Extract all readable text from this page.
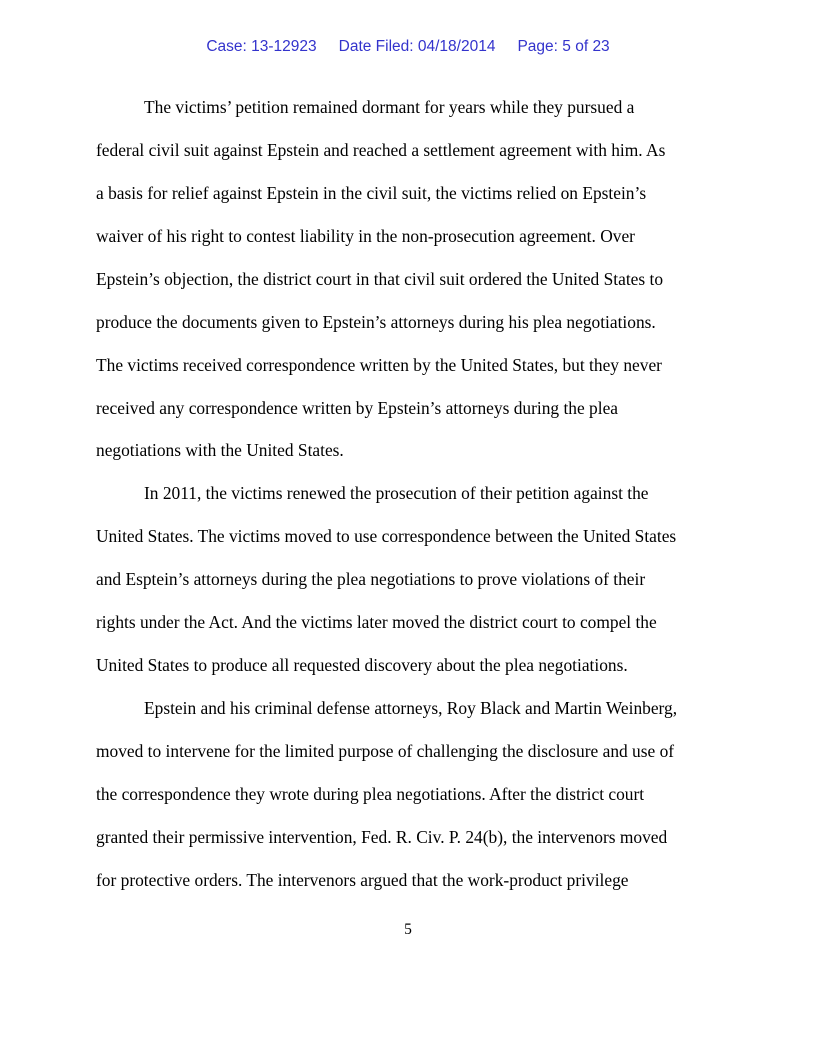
Case: 13-12923 Date Filed: 04/18/2014 Page: 5 of 23
The victims’ petition remained dormant for years while they pursued a
federal civil suit against Epstein and reached a settlement agreement with him. As
a basis for relief against Epstein in the civil suit, the victims relied on Epstein’s
waiver of his right to contest liability in the non-prosecution agreement. Over
Epstein’s objection, the district court in that civil suit ordered the United States to
produce the documents given to Epstein’s attorneys during his plea negotiations.
The victims received correspondence written by the United States, but they never
received any correspondence written by Epstein’s attorneys during the plea
negotiations with the United States.
In 2011, the victims renewed the prosecution of their petition against the
United States. The victims moved to use correspondence between the United States
and Esptein’s attorneys during the plea negotiations to prove violations of their
rights under the Act. And the victims later moved the district court to compel the
United States to produce all requested discovery about the plea negotiations.
Epstein and his criminal defense attorneys, Roy Black and Martin Weinberg,
moved to intervene for the limited purpose of challenging the disclosure and use of
the correspondence they wrote during plea negotiations. After the district court
granted their permissive intervention, Fed. R. Civ. P. 24(b), the intervenors moved
for protective orders. The intervenors argued that the work-product privilege
5
